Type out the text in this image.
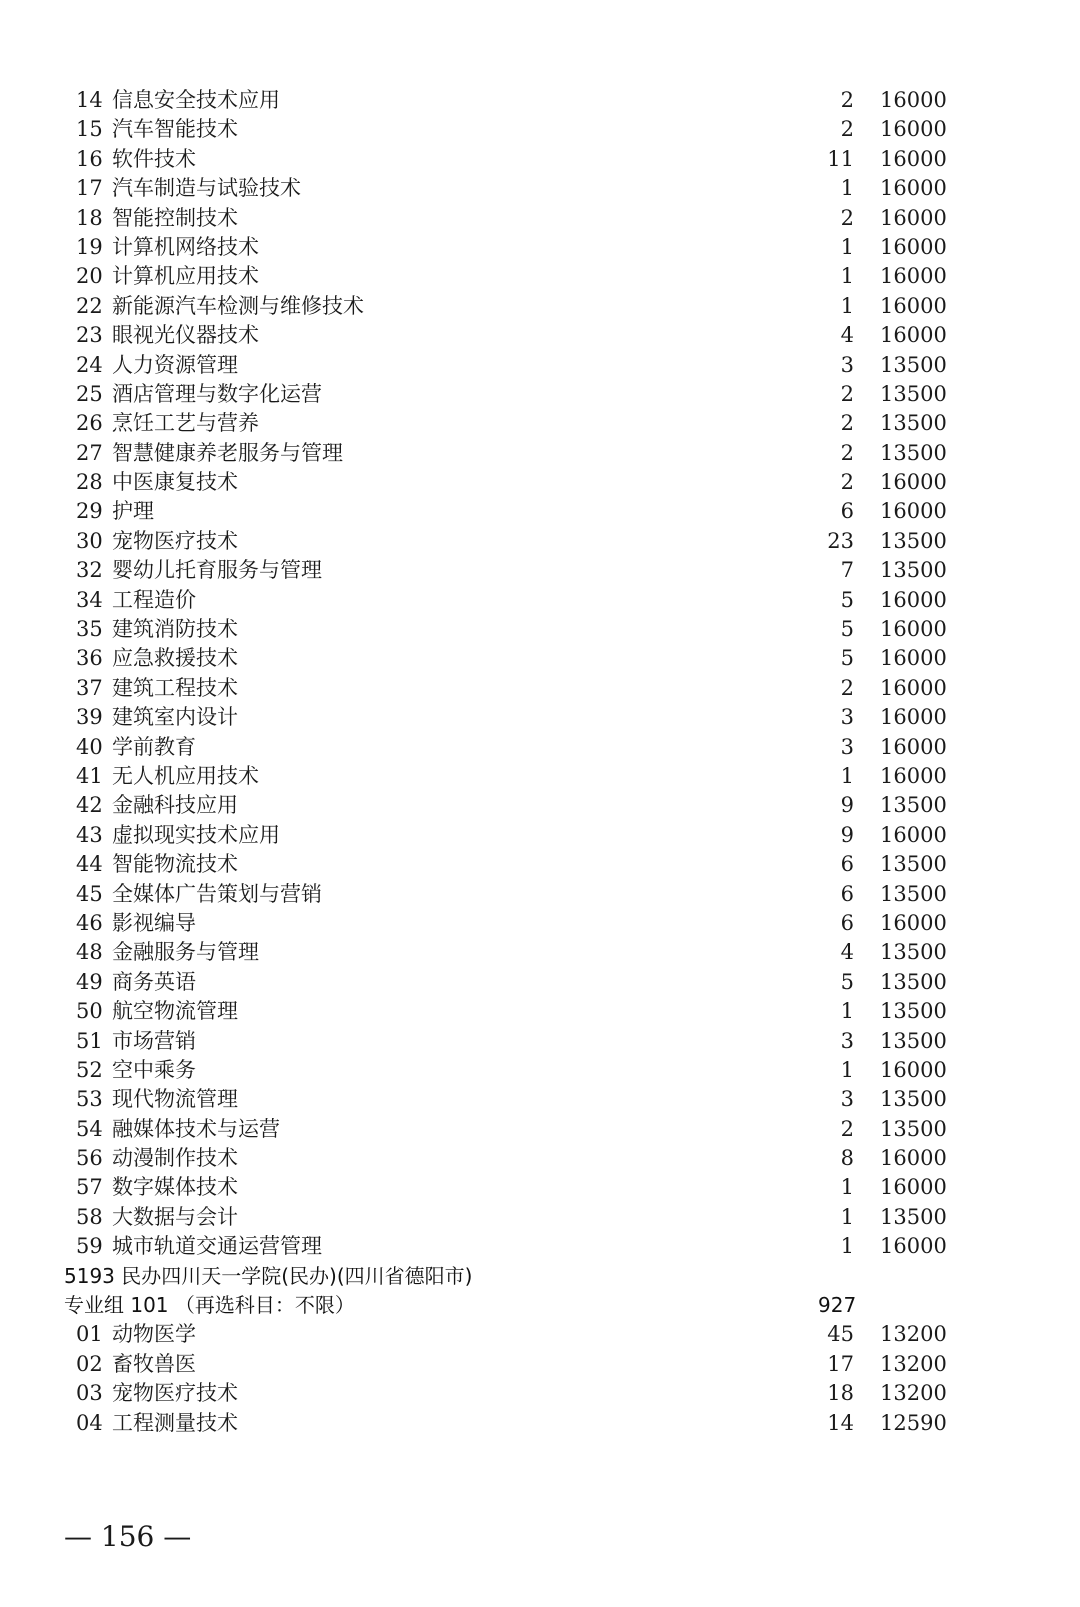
14 信息安全技术应用	2 16000
15 汽车智能技术	2 16000
16 软件技术	11 16000
17 汽车制造与试验技术	1 16000
18 智能控制技术	2 16000
19 计算机网络技术	1 16000
20 计算机应用技术	1 16000
22 新能源汽车检测与维修技术	1 16000
23 眼视光仪器技术	4 16000
24 人力资源管理	3 13500
25 酒店管理与数字化运营	2 13500
26 烹饪工艺与营养	2 13500
27 智慧健康养老服务与管理	2 13500
28 中医康复技术	2 16000
29 护理	6 16000
30 宠物医疗技术	23 13500
32 婴幼儿托育服务与管理	7 13500
34 工程造价	5 16000
35 建筑消防技术	5 16000
36 应急救援技术	5 16000
37 建筑工程技术	2 16000
39 建筑室内设计	3 16000
40 学前教育	3 16000
41 无人机应用技术	1 16000
42 金融科技应用	9 13500
43 虚拟现实技术应用	9 16000
44 智能物流技术	6 13500
45 全媒体广告策划与营销	6 13500
46 影视编导	6 16000
48 金融服务与管理	4 13500
49 商务英语	5 13500
50 航空物流管理	1 13500
51 市场营销	3 13500
52 空中乘务	1 16000
53 现代物流管理	3 13500
54 融媒体技术与运营	2 13500
56 动漫制作技术	8 16000
57 数字媒体技术	1 16000
58 大数据与会计	1 13500
59 城市轨道交通运营管理	1 16000
5193 民办四川天一学院(民办)(四川省德阳市)
专业组 101 （再选科目：不限）	927
01 动物医学	45 13200
02 畜牧兽医	17 13200
03 宠物医疗技术	18 13200
04 工程测量技术	14 12590
— 156 —
